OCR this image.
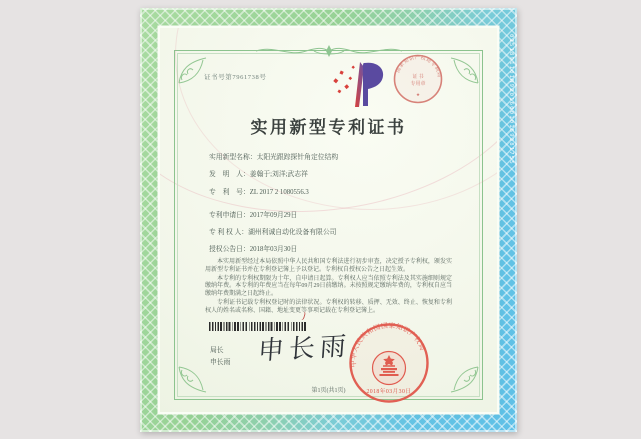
0151891101N920160010159381755
证书号第7961738号
国家知识产权局专利局
证 书
专用章
★
实用新型专利证书
实用新型名称：太阳光跟踪探针角定位结构
发　明　人：姜翰于;刘洋;武志祥
专　利　号：ZL 2017 2 1080556.3
专利申请日：2017年09月29日
专 利 权 人：湖州利诚自动化设备有限公司
授权公告日：2018年03月30日

本实用新型经过本局依照中华人民共和国专利法进行初步审查，决定授予专利权，颁发实用新型专利证书并在专利登记簿上予以登记。专利权自授权公告之日起生效。

本专利的专利权期限为十年，自申请日起算。专利权人应当依照专利法及其实施细则规定缴纳年费。本专利的年费应当在每年09月29日前缴纳。未按照规定缴纳年费的，专利权自应当缴纳年费期满之日起终止。

专利证书记载专利权登记时的法律状况。专利权的转移、质押、无效、终止、恢复和专利权人的姓名或名称、国籍、地址变更等事项记载在专利登记簿上。

局长
申长雨 申长雨
第1页(共1页)
中华人民共和国国家知识产权局
2018年03月30日
